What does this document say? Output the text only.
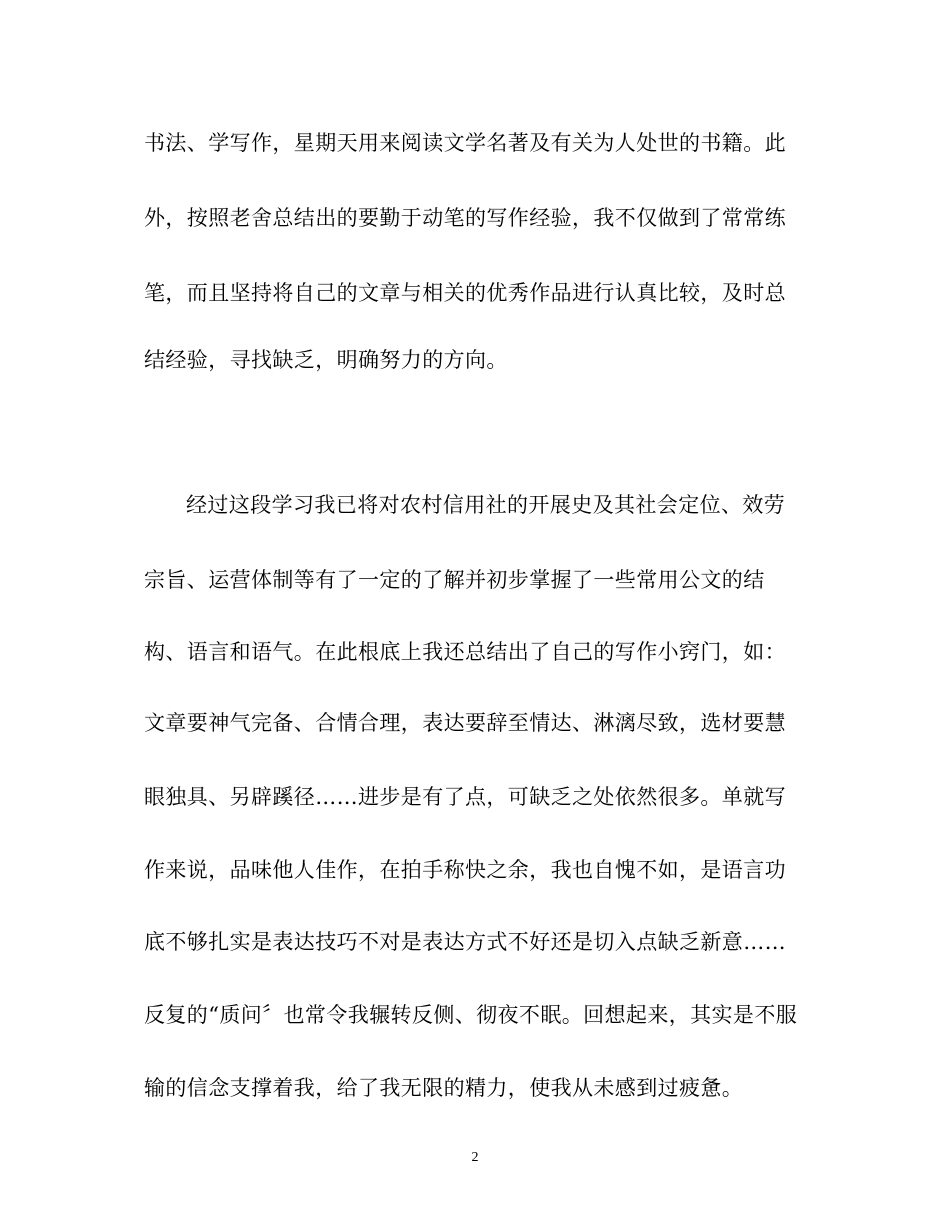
书法、学写作，星期天用来阅读文学名著及有关为人处世的书籍。此
外，按照老舍总结出的要勤于动笔的写作经验，我不仅做到了常常练
笔，而且坚持将自己的文章与相关的优秀作品进行认真比较，及时总
结经验，寻找缺乏，明确努力的方向。
经过这段学习我已将对农村信用社的开展史及其社会定位、效劳
宗旨、运营体制等有了一定的了解并初步掌握了一些常用公文的结
构、语言和语气。在此根底上我还总结出了自己的写作小窍门，如：
文章要神气完备、合情合理，表达要辞至情达、淋漓尽致，选材要慧
眼独具、另辟蹊径……进步是有了点，可缺乏之处依然很多。单就写
作来说，品味他人佳作，在拍手称快之余，我也自愧不如，是语言功
底不够扎实是表达技巧不对是表达方式不好还是切入点缺乏新意……
反复的“质问〞也常令我辗转反侧、彻夜不眠。回想起来，其实是不服
输的信念支撑着我，给了我无限的精力，使我从未感到过疲惫。
2
